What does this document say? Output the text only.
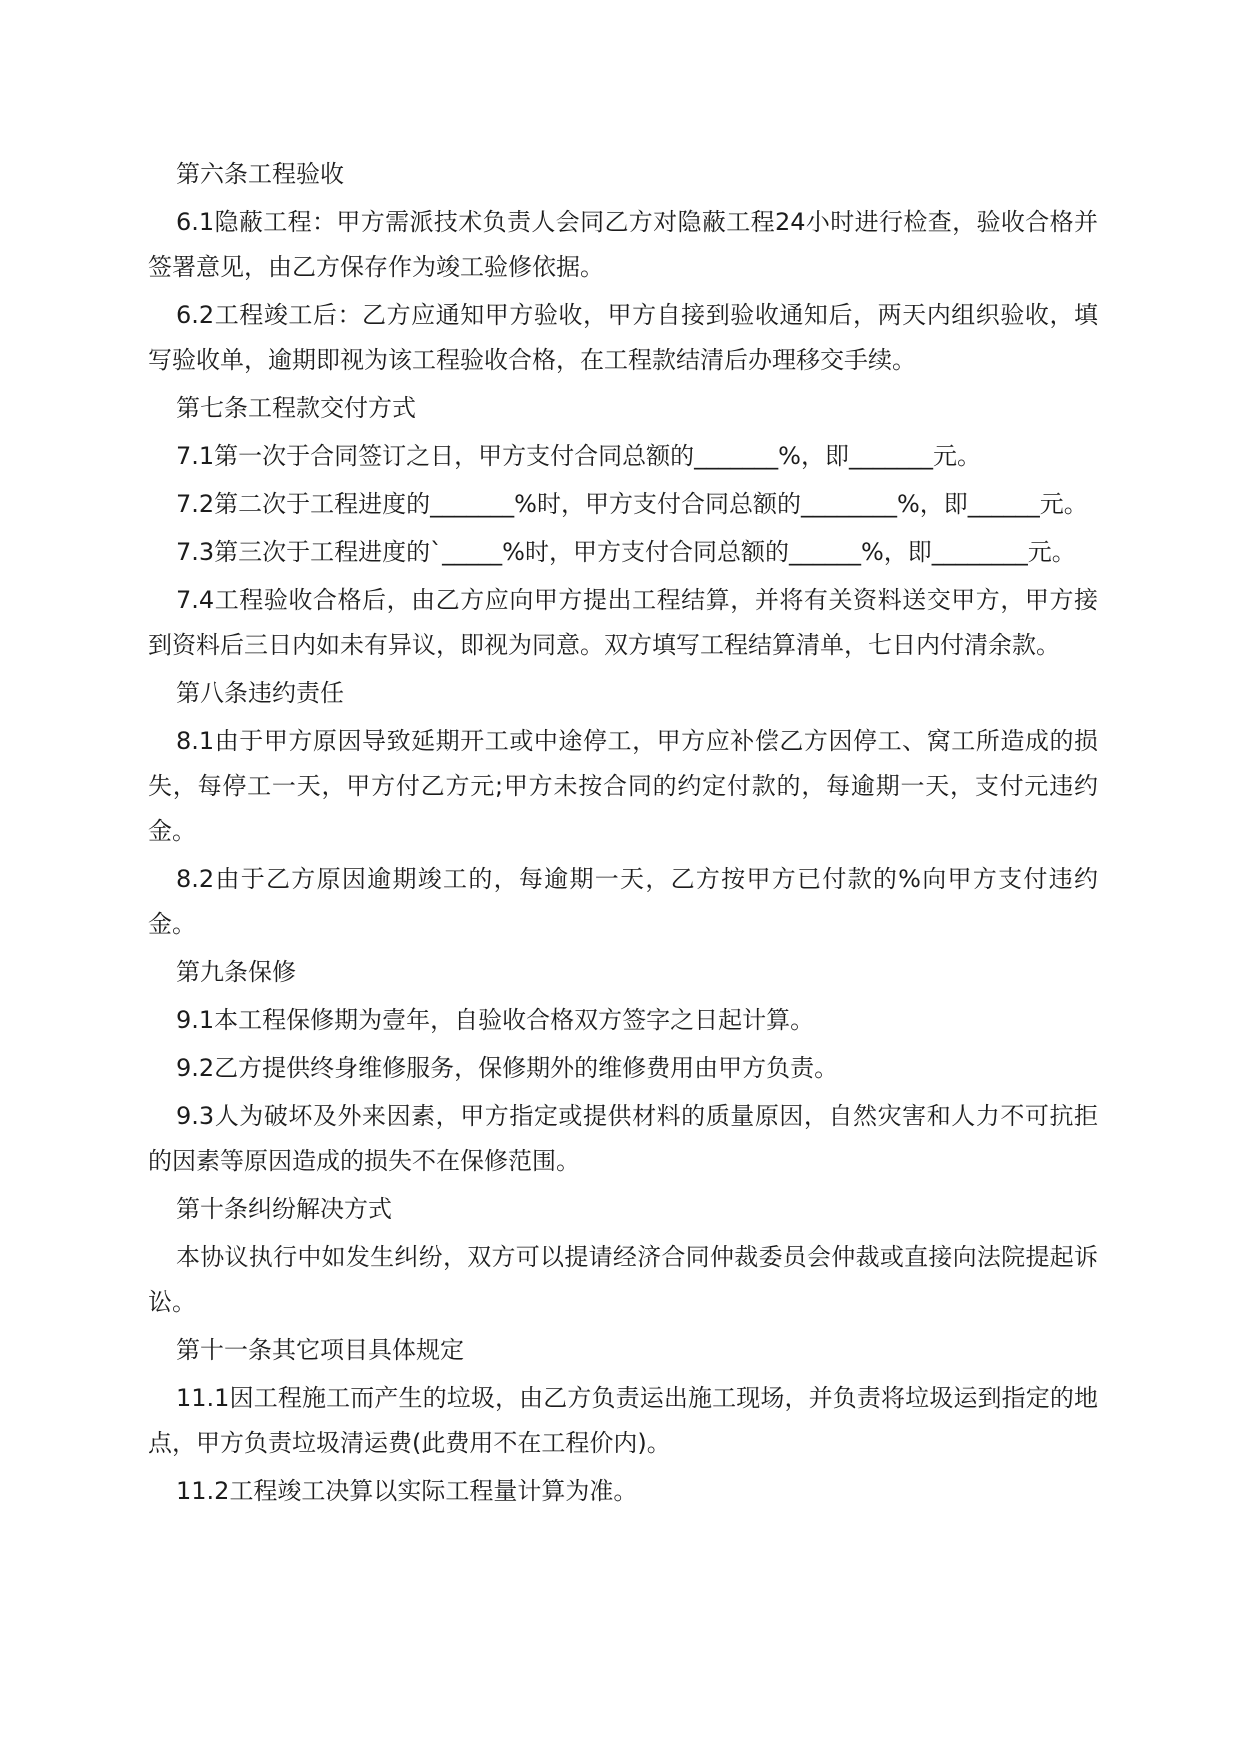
第六条工程验收

6.1隐蔽工程：甲方需派技术负责人会同乙方对隐蔽工程24小时进行检查，验收合格并签署意见，由乙方保存作为竣工验修依据。

6.2工程竣工后：乙方应通知甲方验收，甲方自接到验收通知后，两天内组织验收，填写验收单，逾期即视为该工程验收合格，在工程款结清后办理移交手续。

第七条工程款交付方式

7.1第一次于合同签订之日，甲方支付合同总额的_______%，即_______元。

7.2第二次于工程进度的_______%时，甲方支付合同总额的________%，即______元。

7.3第三次于工程进度的`_____%时，甲方支付合同总额的______%，即________元。

7.4工程验收合格后，由乙方应向甲方提出工程结算，并将有关资料送交甲方，甲方接到资料后三日内如未有异议，即视为同意。双方填写工程结算清单，七日内付清余款。

第八条违约责任

8.1由于甲方原因导致延期开工或中途停工，甲方应补偿乙方因停工、窝工所造成的损失，每停工一天，甲方付乙方元;甲方未按合同的约定付款的，每逾期一天，支付元违约金。

8.2由于乙方原因逾期竣工的，每逾期一天，乙方按甲方已付款的%向甲方支付违约金。

第九条保修

9.1本工程保修期为壹年，自验收合格双方签字之日起计算。

9.2乙方提供终身维修服务，保修期外的维修费用由甲方负责。

9.3人为破坏及外来因素，甲方指定或提供材料的质量原因，自然灾害和人力不可抗拒的因素等原因造成的损失不在保修范围。

第十条纠纷解决方式

本协议执行中如发生纠纷，双方可以提请经济合同仲裁委员会仲裁或直接向法院提起诉讼。

第十一条其它项目具体规定

11.1因工程施工而产生的垃圾，由乙方负责运出施工现场，并负责将垃圾运到指定的地点，甲方负责垃圾清运费(此费用不在工程价内)。

11.2工程竣工决算以实际工程量计算为准。
